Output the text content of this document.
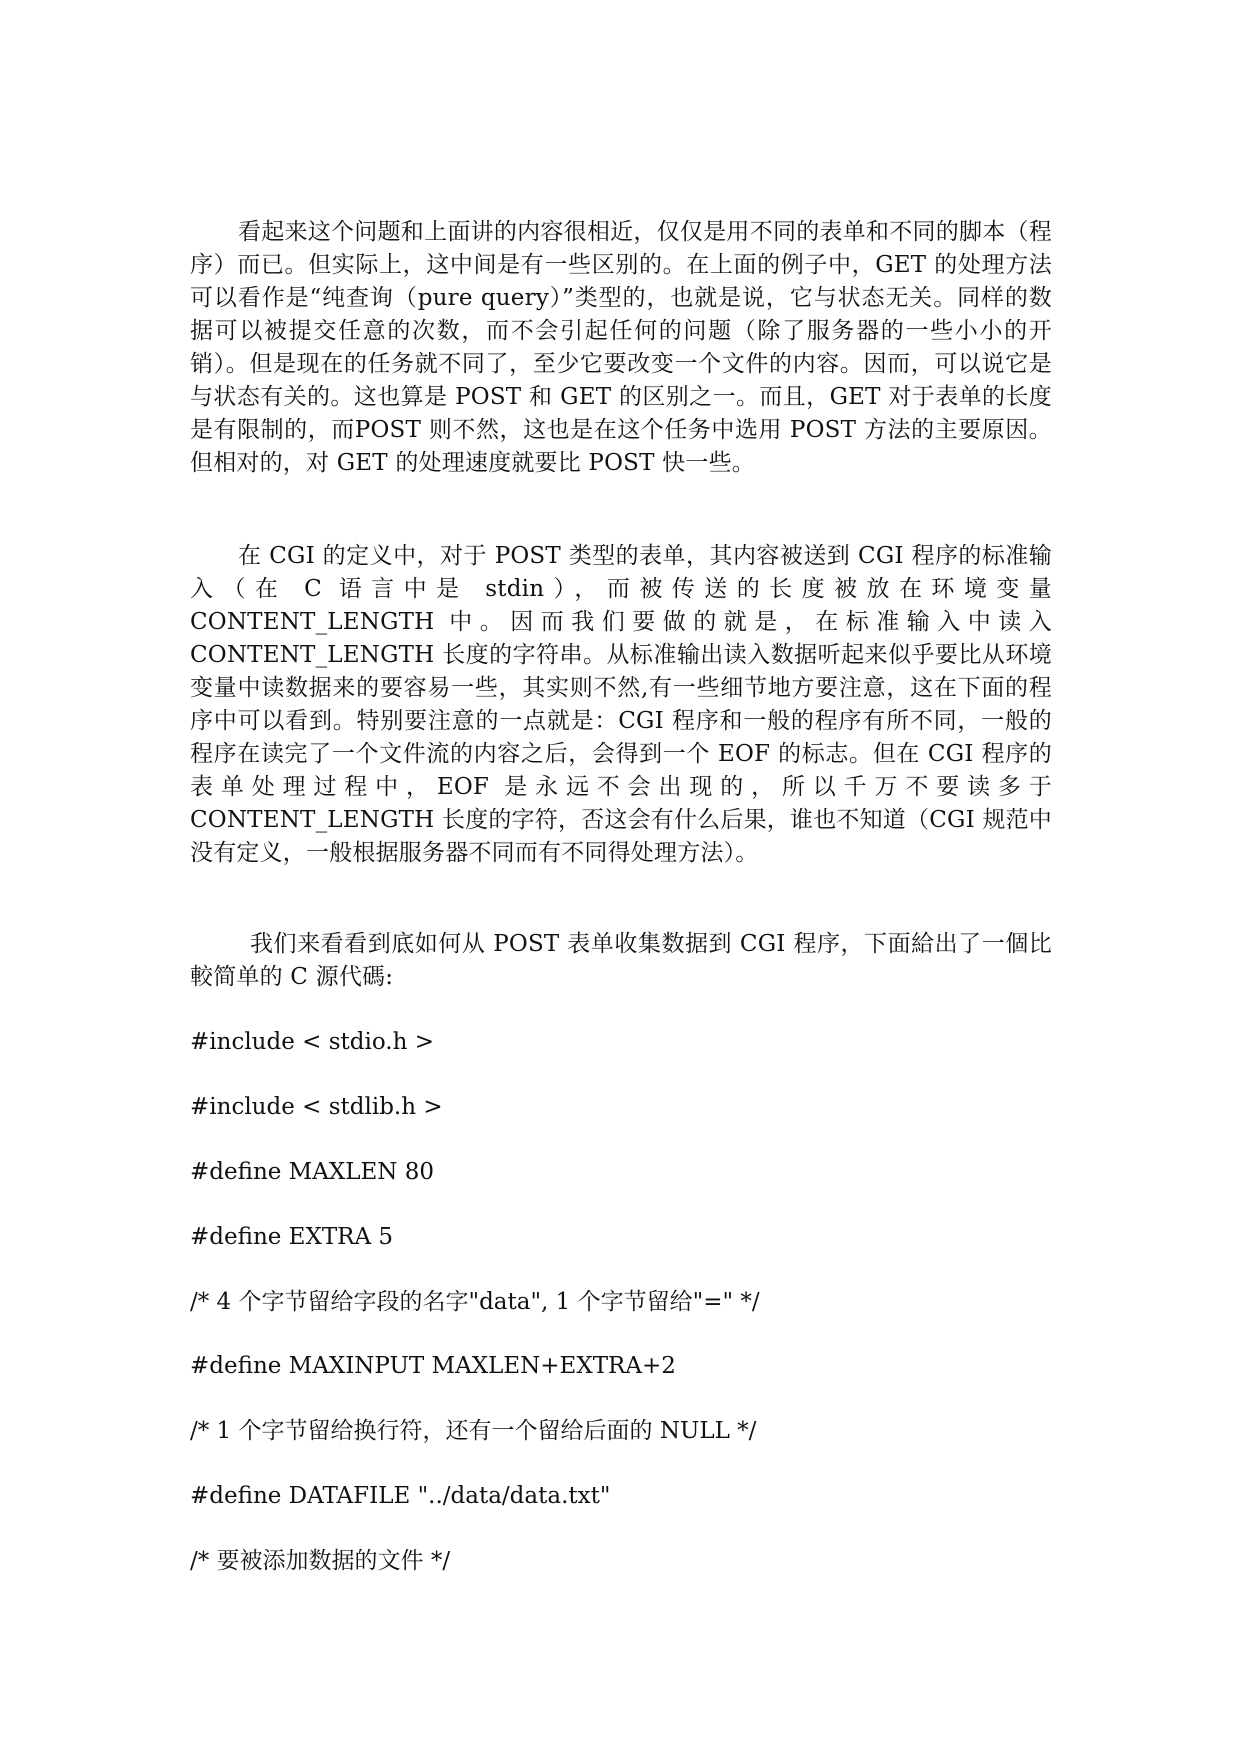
看起来这个问题和上面讲的内容很相近，仅仅是用不同的表单和不同的脚本（程序）而已。但实际上，这中间是有一些区别的。在上面的例子中，GET 的处理方法可以看作是“纯查询（pure query）”类型的，也就是说，它与状态无关。同样的数据可以被提交任意的次数，而不会引起任何的问题（除了服务器的一些小小的开销）。但是现在的任务就不同了，至少它要改变一个文件的内容。因而，可以说它是与状态有关的。这也算是 POST 和 GET 的区别之一。而且，GET 对于表单的长度是有限制的，而POST 则不然，这也是在这个任务中选用 POST 方法的主要原因。但相对的，对 GET 的处理速度就要比 POST 快一些。

在 CGI 的定义中，对于 POST 类型的表单，其内容被送到 CGI 程序的标准输入（在 C 语言中是 stdin），而被传送的长度被放在环境变量 CONTENT_LENGTH 中。因而我们要做的就是，在标准输入中读入 CONTENT_LENGTH 长度的字符串。从标准输出读入数据听起来似乎要比从环境变量中读数据来的要容易一些，其实则不然,有一些细节地方要注意，这在下面的程序中可以看到。特别要注意的一点就是：CGI 程序和一般的程序有所不同，一般的程序在读完了一个文件流的内容之后，会得到一个 EOF 的标志。但在 CGI 程序的表单处理过程中，EOF 是永远不会出现的，所以千万不要读多于 CONTENT_LENGTH 长度的字符，否这会有什么后果，谁也不知道（CGI 规范中没有定义，一般根据服务器不同而有不同得处理方法）。

我们来看看到底如何从 POST 表单收集数据到 CGI 程序，下面給出了一個比較简单的 C 源代碼:

#include < stdio.h >

#include < stdlib.h >

#define MAXLEN 80

#define EXTRA 5

/* 4 个字节留给字段的名字"data", 1 个字节留给"=" */

#define MAXINPUT MAXLEN+EXTRA+2

/* 1 个字节留给换行符，还有一个留给后面的 NULL */

#define DATAFILE "../data/data.txt"

/* 要被添加数据的文件 */
